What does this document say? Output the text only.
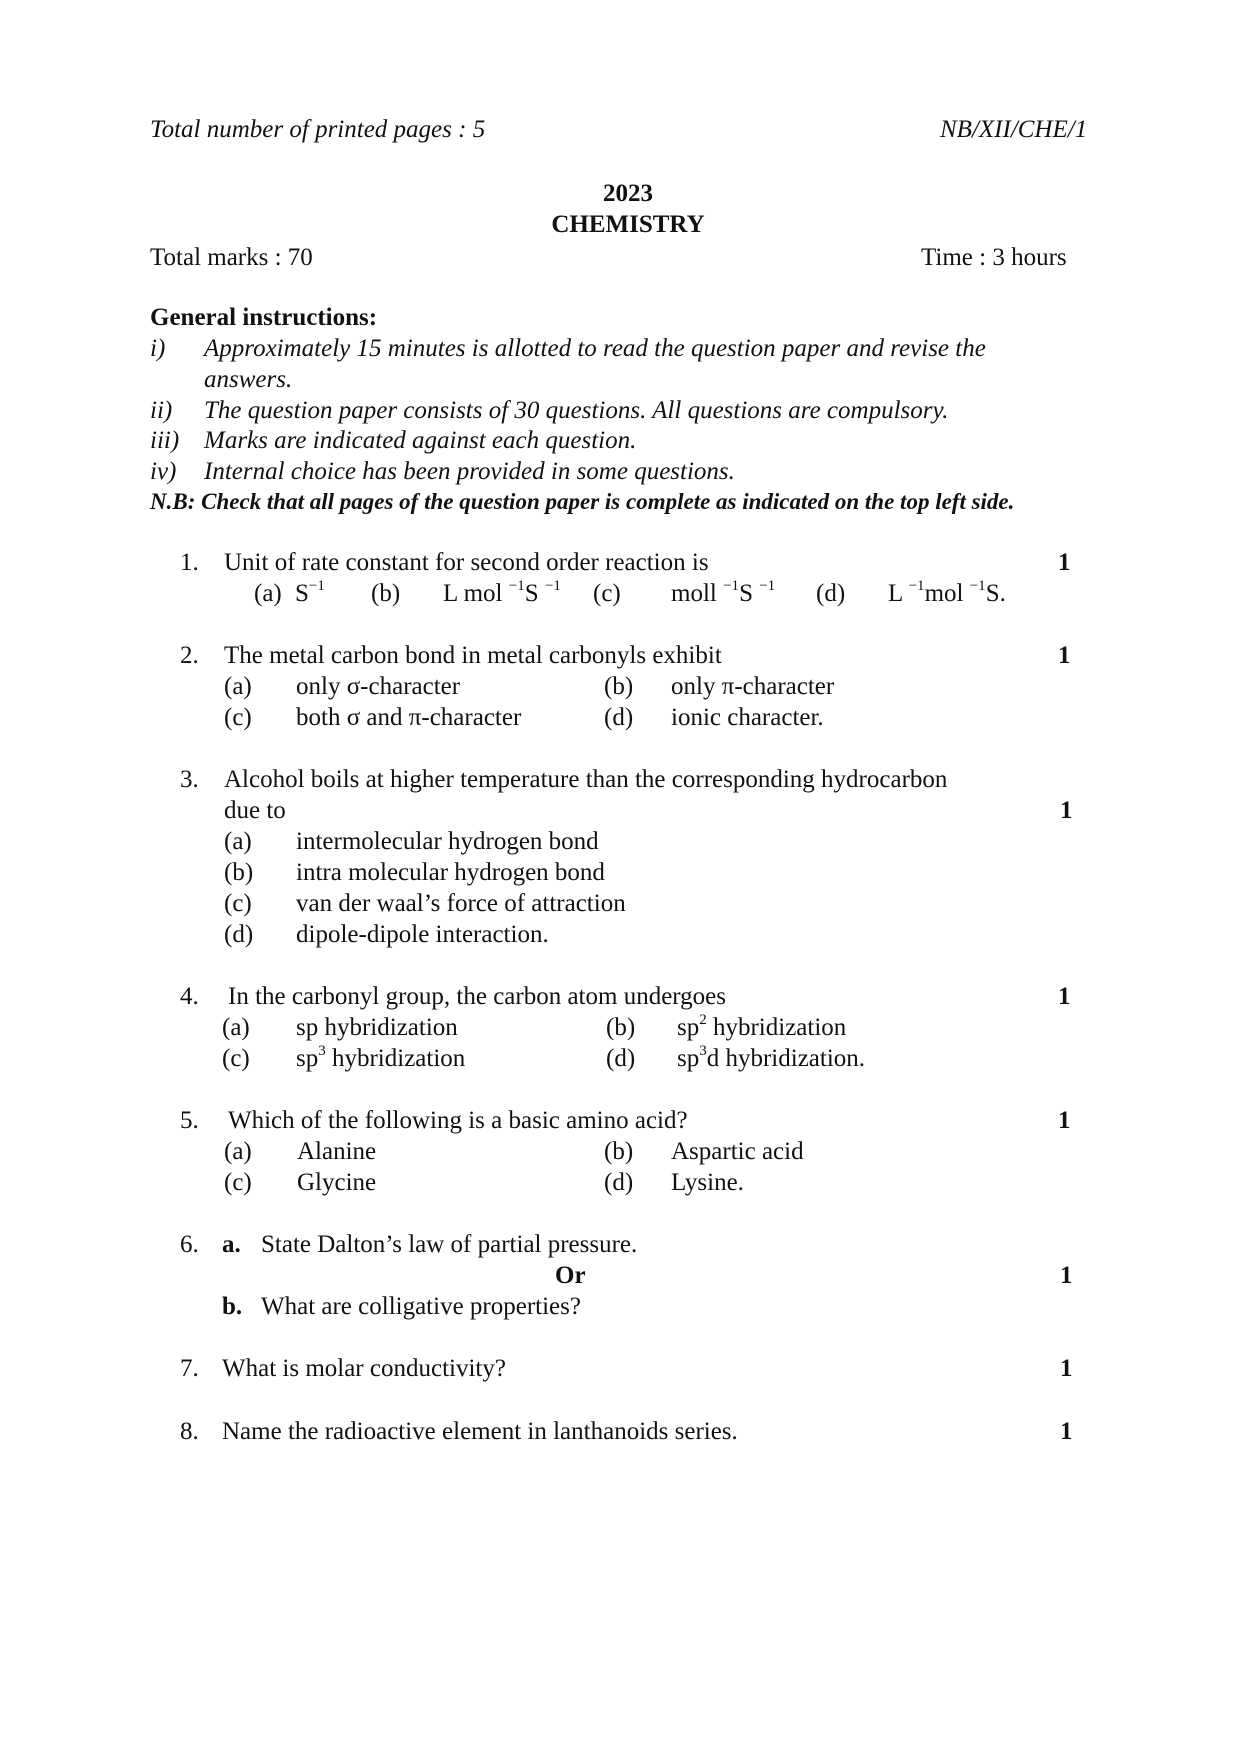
Total number of printed pages : 5	NB/XII/CHE/1
2023
CHEMISTRY
Total marks : 70	Time : 3 hours
General instructions:
i) Approximately 15 minutes is allotted to read the question paper and revise the
answers.
ii) The question paper consists of 30 questions. All questions are compulsory.
iii) Marks are indicated against each question.
iv) Internal choice has been provided in some questions.
N.B: Check that all pages of the question paper is complete as indicated on the top left side.
1. Unit of rate constant for second order reaction is	1
(a) $S^{-1}$ (b) L mol $^{-1}$S $^{-1}$ (c) moll $^{-1}$S $^{-1}$ (d) L $^{-1}$mol $^{-1}$S.
2. The metal carbon bond in metal carbonyls exhibit	1
(a) only σ-character	(b) only π-character
(c) both σ and π-character	(d) ionic character.
3. Alcohol boils at higher temperature than the corresponding hydrocarbon
due to	1
(a) intermolecular hydrogen bond
(b) intra molecular hydrogen bond
(c) van der waal’s force of attraction
(d) dipole-dipole interaction.
4. In the carbonyl group, the carbon atom undergoes	1
(a) sp hybridization	(b) $sp^2$ hybridization
(c) $sp^3$ hybridization	(d) $sp^3d$ hybridization.
5. Which of the following is a basic amino acid?	1
(a) Alanine	(b) Aspartic acid
(c) Glycine	(d) Lysine.
6. a. State Dalton’s law of partial pressure.
Or	1
b. What are colligative properties?
7. What is molar conductivity?	1
8. Name the radioactive element in lanthanoids series.	1
